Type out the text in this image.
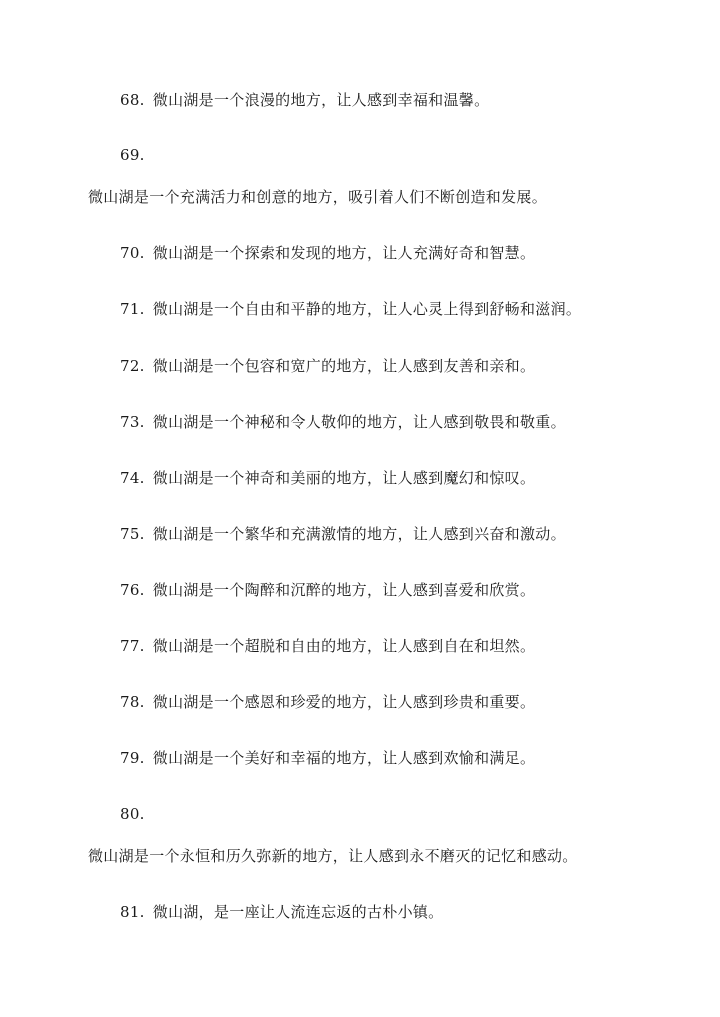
68. 微山湖是一个浪漫的地方，让人感到幸福和温馨。
69.
微山湖是一个充满活力和创意的地方，吸引着人们不断创造和发展。
70. 微山湖是一个探索和发现的地方，让人充满好奇和智慧。
71. 微山湖是一个自由和平静的地方，让人心灵上得到舒畅和滋润。
72. 微山湖是一个包容和宽广的地方，让人感到友善和亲和。
73. 微山湖是一个神秘和令人敬仰的地方，让人感到敬畏和敬重。
74. 微山湖是一个神奇和美丽的地方，让人感到魔幻和惊叹。
75. 微山湖是一个繁华和充满激情的地方，让人感到兴奋和激动。
76. 微山湖是一个陶醉和沉醉的地方，让人感到喜爱和欣赏。
77. 微山湖是一个超脱和自由的地方，让人感到自在和坦然。
78. 微山湖是一个感恩和珍爱的地方，让人感到珍贵和重要。
79. 微山湖是一个美好和幸福的地方，让人感到欢愉和满足。
80.
微山湖是一个永恒和历久弥新的地方，让人感到永不磨灭的记忆和感动。
81. 微山湖，是一座让人流连忘返的古朴小镇。
